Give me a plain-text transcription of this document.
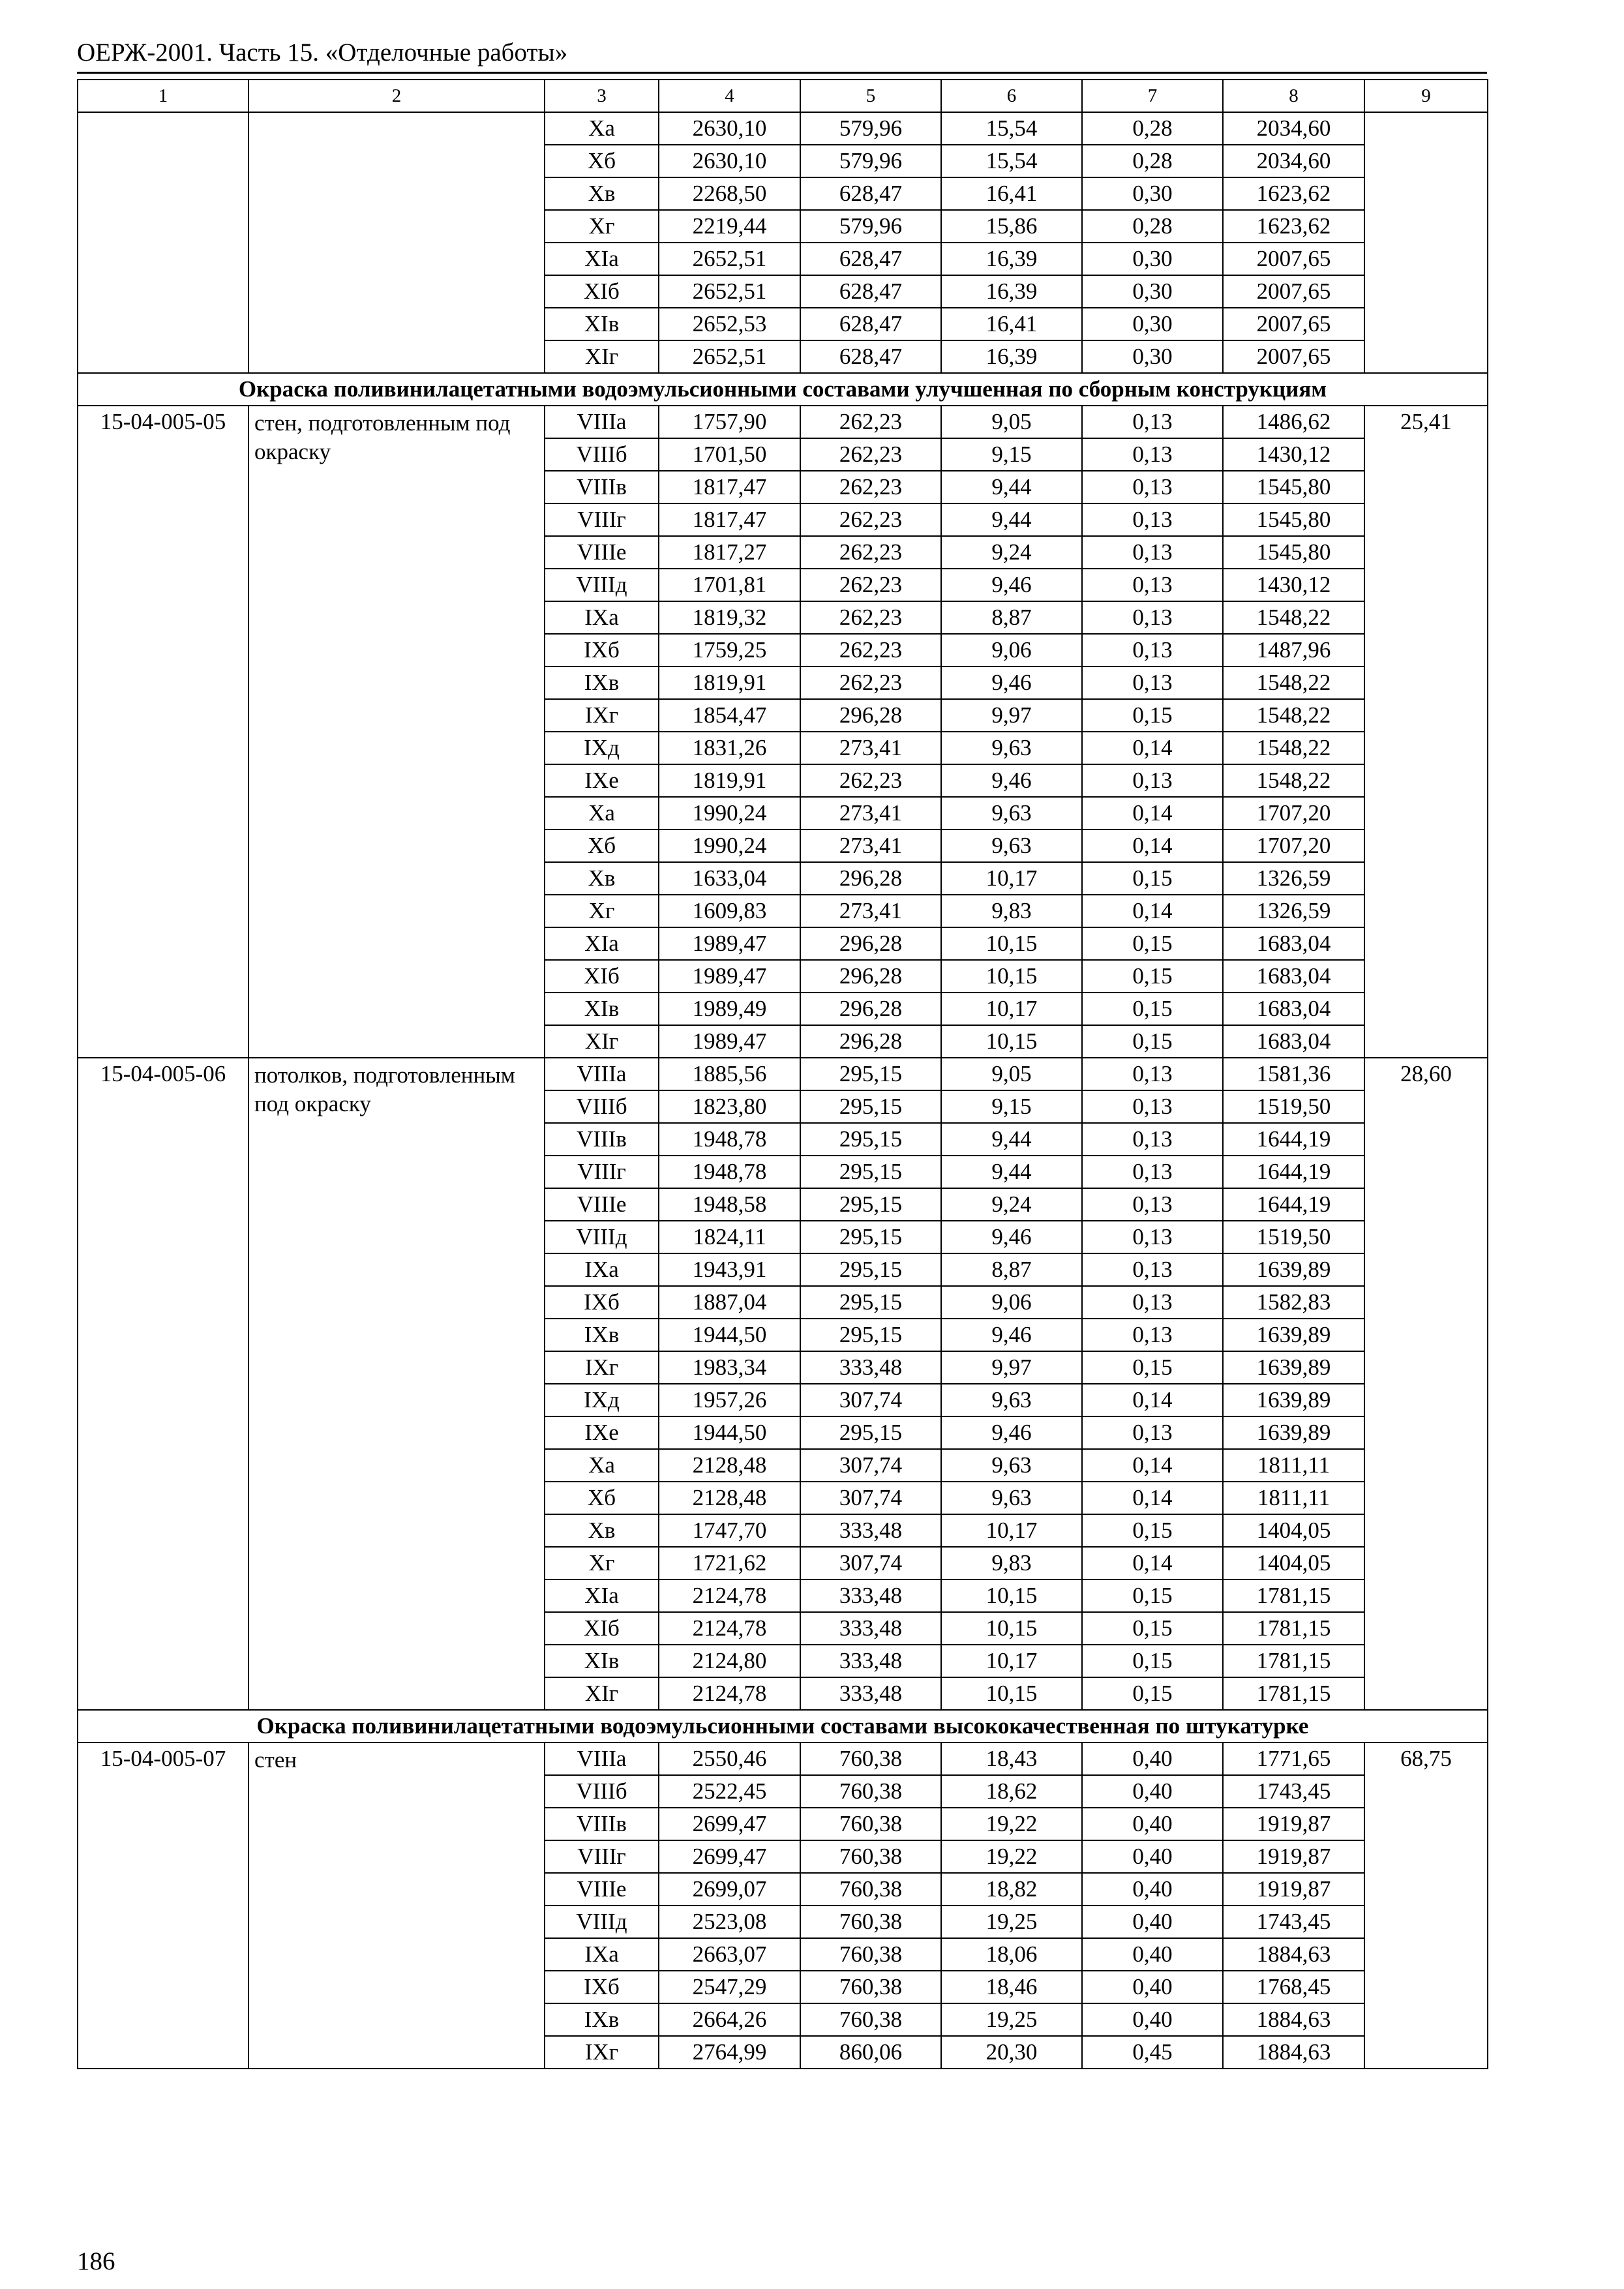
ОЕРЖ-2001. Часть 15. «Отделочные работы»
1	2	3	4	5	6	7	8	9
		Xa	2630,10	579,96	15,54	0,28	2034,60	
		Xб	2630,10	579,96	15,54	0,28	2034,60	
		Xв	2268,50	628,47	16,41	0,30	1623,62	
		Xг	2219,44	579,96	15,86	0,28	1623,62	
		XIa	2652,51	628,47	16,39	0,30	2007,65	
		XIб	2652,51	628,47	16,39	0,30	2007,65	
		XIв	2652,53	628,47	16,41	0,30	2007,65	
		XIг	2652,51	628,47	16,39	0,30	2007,65	
Окраска поливинилацетатными водоэмульсионными составами улучшенная по сборным конструкциям								
15-04-005-05	стен, подготовленным под окраску	VIIIa	1757,90	262,23	9,05	0,13	1486,62	25,41
		VIIIб	1701,50	262,23	9,15	0,13	1430,12	
		VIIIв	1817,47	262,23	9,44	0,13	1545,80	
		VIIIг	1817,47	262,23	9,44	0,13	1545,80	
		VIIIe	1817,27	262,23	9,24	0,13	1545,80	
		VIIIд	1701,81	262,23	9,46	0,13	1430,12	
		IXa	1819,32	262,23	8,87	0,13	1548,22	
		IXб	1759,25	262,23	9,06	0,13	1487,96	
		IXв	1819,91	262,23	9,46	0,13	1548,22	
		IXг	1854,47	296,28	9,97	0,15	1548,22	
		IXд	1831,26	273,41	9,63	0,14	1548,22	
		IXe	1819,91	262,23	9,46	0,13	1548,22	
		Xa	1990,24	273,41	9,63	0,14	1707,20	
		Xб	1990,24	273,41	9,63	0,14	1707,20	
		Xв	1633,04	296,28	10,17	0,15	1326,59	
		Xг	1609,83	273,41	9,83	0,14	1326,59	
		XIa	1989,47	296,28	10,15	0,15	1683,04	
		XIб	1989,47	296,28	10,15	0,15	1683,04	
		XIв	1989,49	296,28	10,17	0,15	1683,04	
		XIг	1989,47	296,28	10,15	0,15	1683,04	
15-04-005-06	потолков, подготовленным под окраску	VIIIa	1885,56	295,15	9,05	0,13	1581,36	28,60
		VIIIб	1823,80	295,15	9,15	0,13	1519,50	
		VIIIв	1948,78	295,15	9,44	0,13	1644,19	
		VIIIг	1948,78	295,15	9,44	0,13	1644,19	
		VIIIe	1948,58	295,15	9,24	0,13	1644,19	
		VIIIд	1824,11	295,15	9,46	0,13	1519,50	
		IXa	1943,91	295,15	8,87	0,13	1639,89	
		IXб	1887,04	295,15	9,06	0,13	1582,83	
		IXв	1944,50	295,15	9,46	0,13	1639,89	
		IXг	1983,34	333,48	9,97	0,15	1639,89	
		IXд	1957,26	307,74	9,63	0,14	1639,89	
		IXe	1944,50	295,15	9,46	0,13	1639,89	
		Xa	2128,48	307,74	9,63	0,14	1811,11	
		Xб	2128,48	307,74	9,63	0,14	1811,11	
		Xв	1747,70	333,48	10,17	0,15	1404,05	
		Xг	1721,62	307,74	9,83	0,14	1404,05	
		XIa	2124,78	333,48	10,15	0,15	1781,15	
		XIб	2124,78	333,48	10,15	0,15	1781,15	
		XIв	2124,80	333,48	10,17	0,15	1781,15	
		XIг	2124,78	333,48	10,15	0,15	1781,15	
Окраска поливинилацетатными водоэмульсионными составами высококачественная по штукатурке								
15-04-005-07	стен	VIIIa	2550,46	760,38	18,43	0,40	1771,65	68,75
		VIIIб	2522,45	760,38	18,62	0,40	1743,45	
		VIIIв	2699,47	760,38	19,22	0,40	1919,87	
		VIIIг	2699,47	760,38	19,22	0,40	1919,87	
		VIIIe	2699,07	760,38	18,82	0,40	1919,87	
		VIIIд	2523,08	760,38	19,25	0,40	1743,45	
		IXa	2663,07	760,38	18,06	0,40	1884,63	
		IXб	2547,29	760,38	18,46	0,40	1768,45	
		IXв	2664,26	760,38	19,25	0,40	1884,63	
		IXг	2764,99	860,06	20,30	0,45	1884,63	
186
